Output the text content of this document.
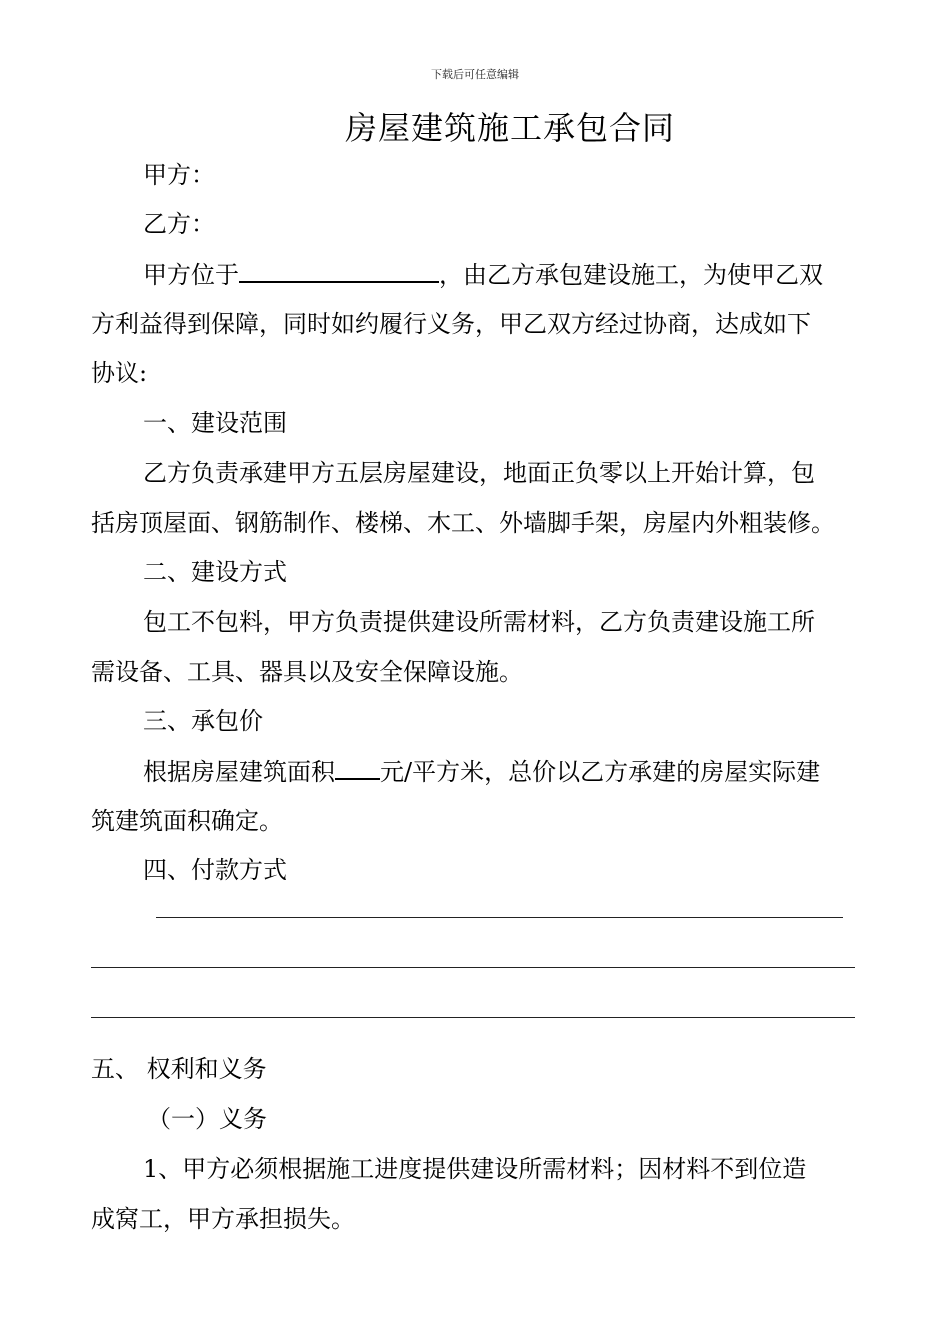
下载后可任意编辑
房屋建筑施工承包合同
甲方：
乙方：
甲方位于	，由乙方承包建设施工，为使甲乙双
方利益得到保障，同时如约履行义务，甲乙双方经过协商，达成如下
协议:
一、建设范围
乙方负责承建甲方五层房屋建设，地面正负零以上开始计算，包
括房顶屋面、钢筋制作、楼梯、木工、外墙脚手架，房屋内外粗装修。
二、建设方式
包工不包料，甲方负责提供建设所需材料，乙方负责建设施工所
需设备、工具、器具以及安全保障设施。
三、承包价
根据房屋建筑面积 元/平方米，总价以乙方承建的房屋实际建
筑建筑面积确定。
四、付款方式
五、 权利和义务
（一）义务
1、甲方必须根据施工进度提供建设所需材料；因材料不到位造
成窝工，甲方承担损失。
